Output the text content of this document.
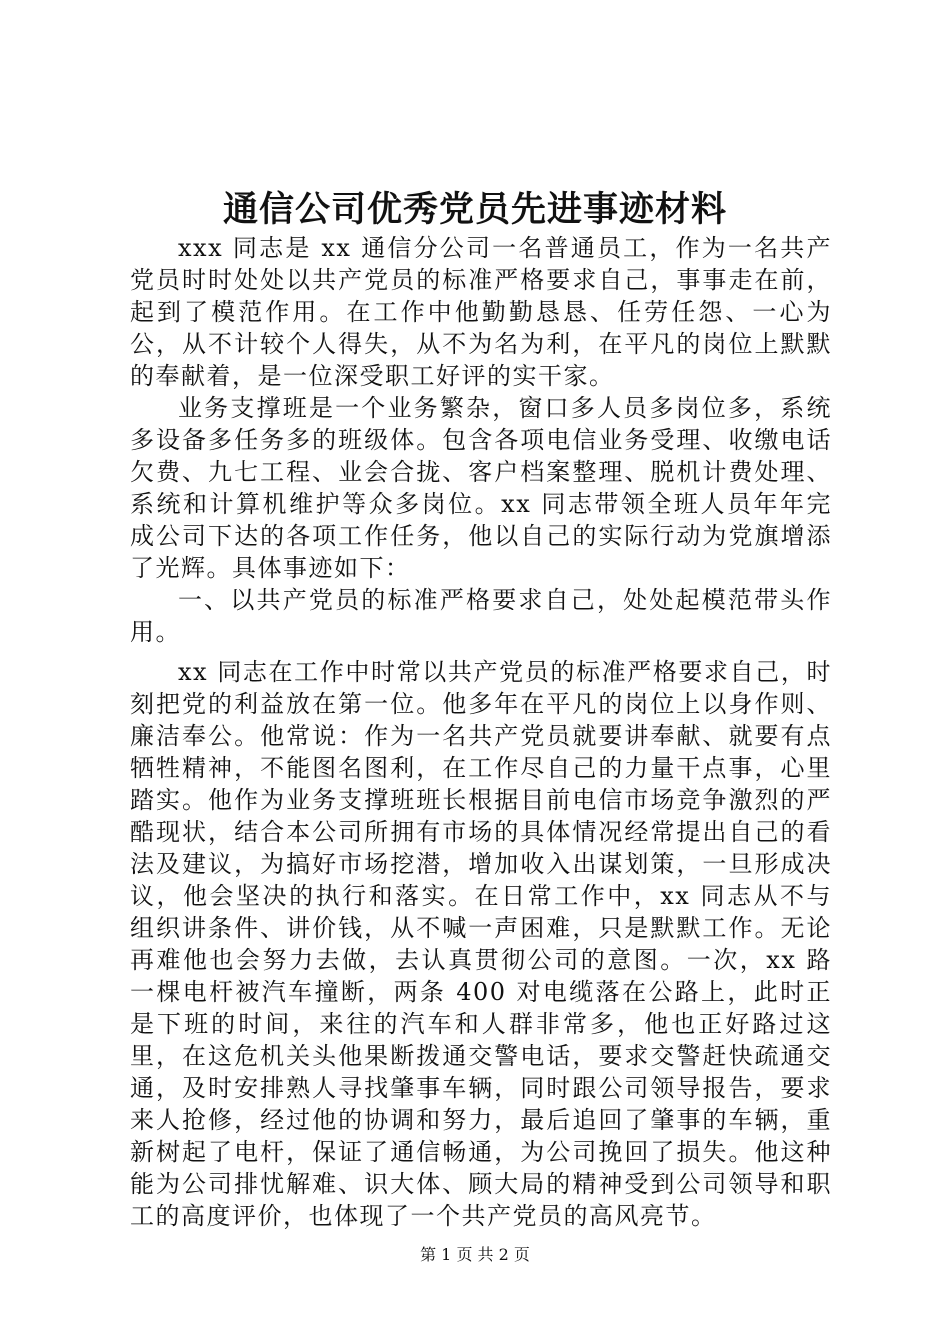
通信公司优秀党员先进事迹材料

xxx 同志是 xx 通信分公司一名普通员工，作为一名共产党员时时处处以共产党员的标准严格要求自己，事事走在前，起到了模范作用。在工作中他勤勤恳恳、任劳任怨、一心为公，从不计较个人得失，从不为名为利，在平凡的岗位上默默的奉献着，是一位深受职工好评的实干家。

业务支撑班是一个业务繁杂，窗口多人员多岗位多，系统多设备多任务多的班级体。包含各项电信业务受理、收缴电话欠费、九七工程、业会合拢、客户档案整理、脱机计费处理、系统和计算机维护等众多岗位。xx 同志带领全班人员年年完成公司下达的各项工作任务，他以自己的实际行动为党旗增添了光辉。具体事迹如下：

一、以共产党员的标准严格要求自己，处处起模范带头作用。

xx 同志在工作中时常以共产党员的标准严格要求自己，时刻把党的利益放在第一位。他多年在平凡的岗位上以身作则、廉洁奉公。他常说：作为一名共产党员就要讲奉献、就要有点牺牲精神，不能图名图利，在工作尽自己的力量干点事，心里踏实。他作为业务支撑班班长根据目前电信市场竞争激烈的严酷现状，结合本公司所拥有市场的具体情况经常提出自己的看法及建议，为搞好市场挖潜，增加收入出谋划策，一旦形成决议，他会坚决的执行和落实。在日常工作中，xx 同志从不与组织讲条件、讲价钱，从不喊一声困难，只是默默工作。无论再难他也会努力去做，去认真贯彻公司的意图。一次，xx 路一棵电杆被汽车撞断，两条 400 对电缆落在公路上，此时正是下班的时间，来往的汽车和人群非常多，他也正好路过这里，在这危机关头他果断拨通交警电话，要求交警赶快疏通交通，及时安排熟人寻找肇事车辆，同时跟公司领导报告，要求来人抢修，经过他的协调和努力，最后追回了肇事的车辆，重新树起了电杆，保证了通信畅通，为公司挽回了损失。他这种能为公司排忧解难、识大体、顾大局的精神受到公司领导和职工的高度评价，也体现了一个共产党员的高风亮节。

第 1 页 共 2 页
